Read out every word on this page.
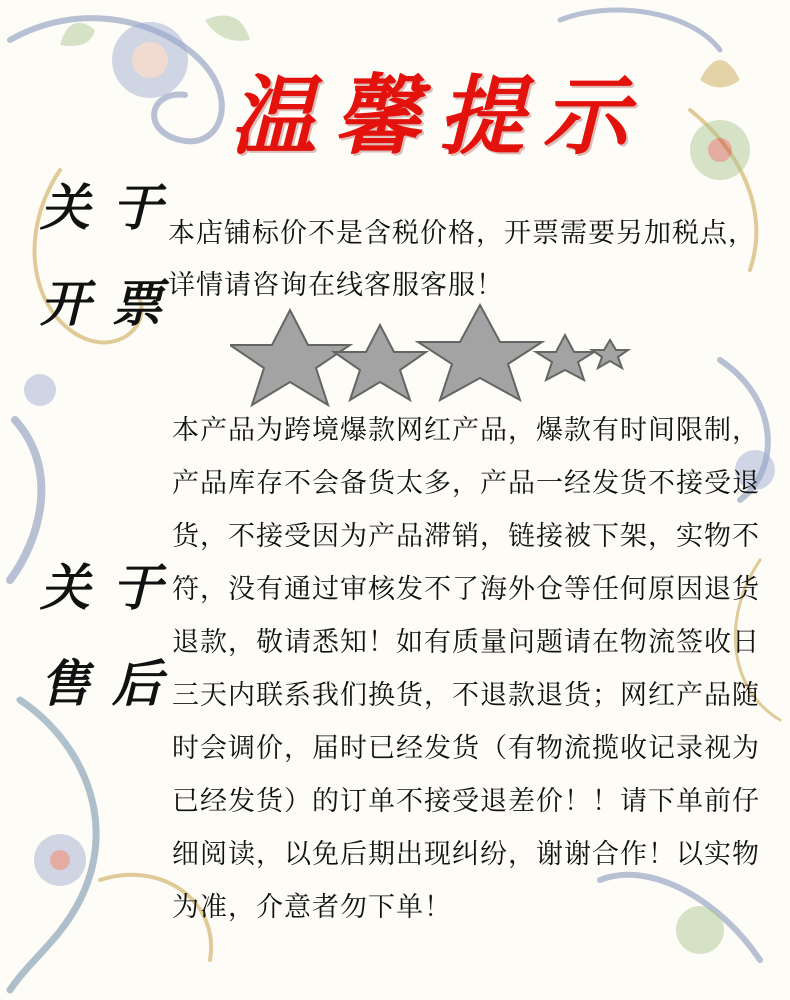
温馨提示
关于
开票
本店铺标价不是含税价格，开票需要另加税点，详情请咨询在线客服客服！
关于
售后
本产品为跨境爆款网红产品，爆款有时间限制，产品库存不会备货太多，产品一经发货不接受退货，不接受因为产品滞销，链接被下架，实物不符，没有通过审核发不了海外仓等任何原因退货退款，敬请悉知！如有质量问题请在物流签收日三天内联系我们换货，不退款退货；网红产品随时会调价，届时已经发货（有物流揽收记录视为已经发货）的订单不接受退差价！！请下单前仔细阅读，以免后期出现纠纷，谢谢合作！以实物为准，介意者勿下单！
